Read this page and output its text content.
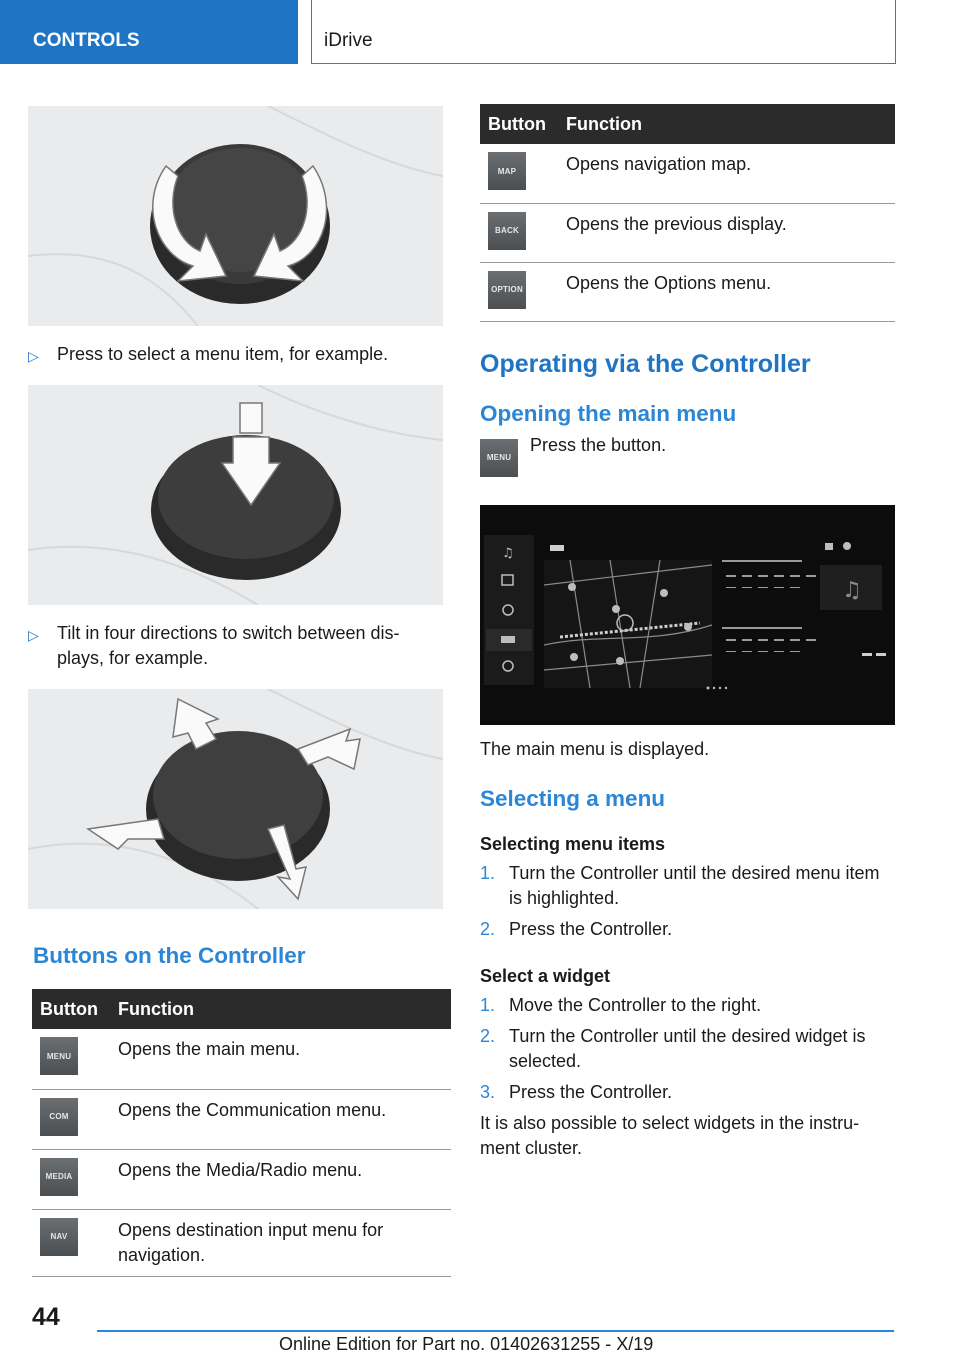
CONTROLS	iDrive
▷ Press to select a menu item, for example.
▷ Tilt in four directions to switch between dis-plays, for example.
Buttons on the Controller
Button	Function

MENU	Opens the main menu.

COM	Opens the Communication menu.

MEDIA	Opens the Media/Radio menu.

NAV	Opens destination input menu for navigation.
Button	Function

MAP	Opens navigation map.

BACK	Opens the previous display.

OPTION	Opens the Options menu.
Operating via the Controller
Opening the main menu
MENU
Press the button.
♫
♫
The main menu is displayed.
Selecting a menu
Selecting menu items
1. Turn the Controller until the desired menu item is highlighted.
2. Press the Controller.
Select a widget
1. Move the Controller to the right.
2. Turn the Controller until the desired widget is selected.
3. Press the Controller.
It is also possible to select widgets in the instru-ment cluster.
44
Online Edition for Part no. 01402631255 - X/19
